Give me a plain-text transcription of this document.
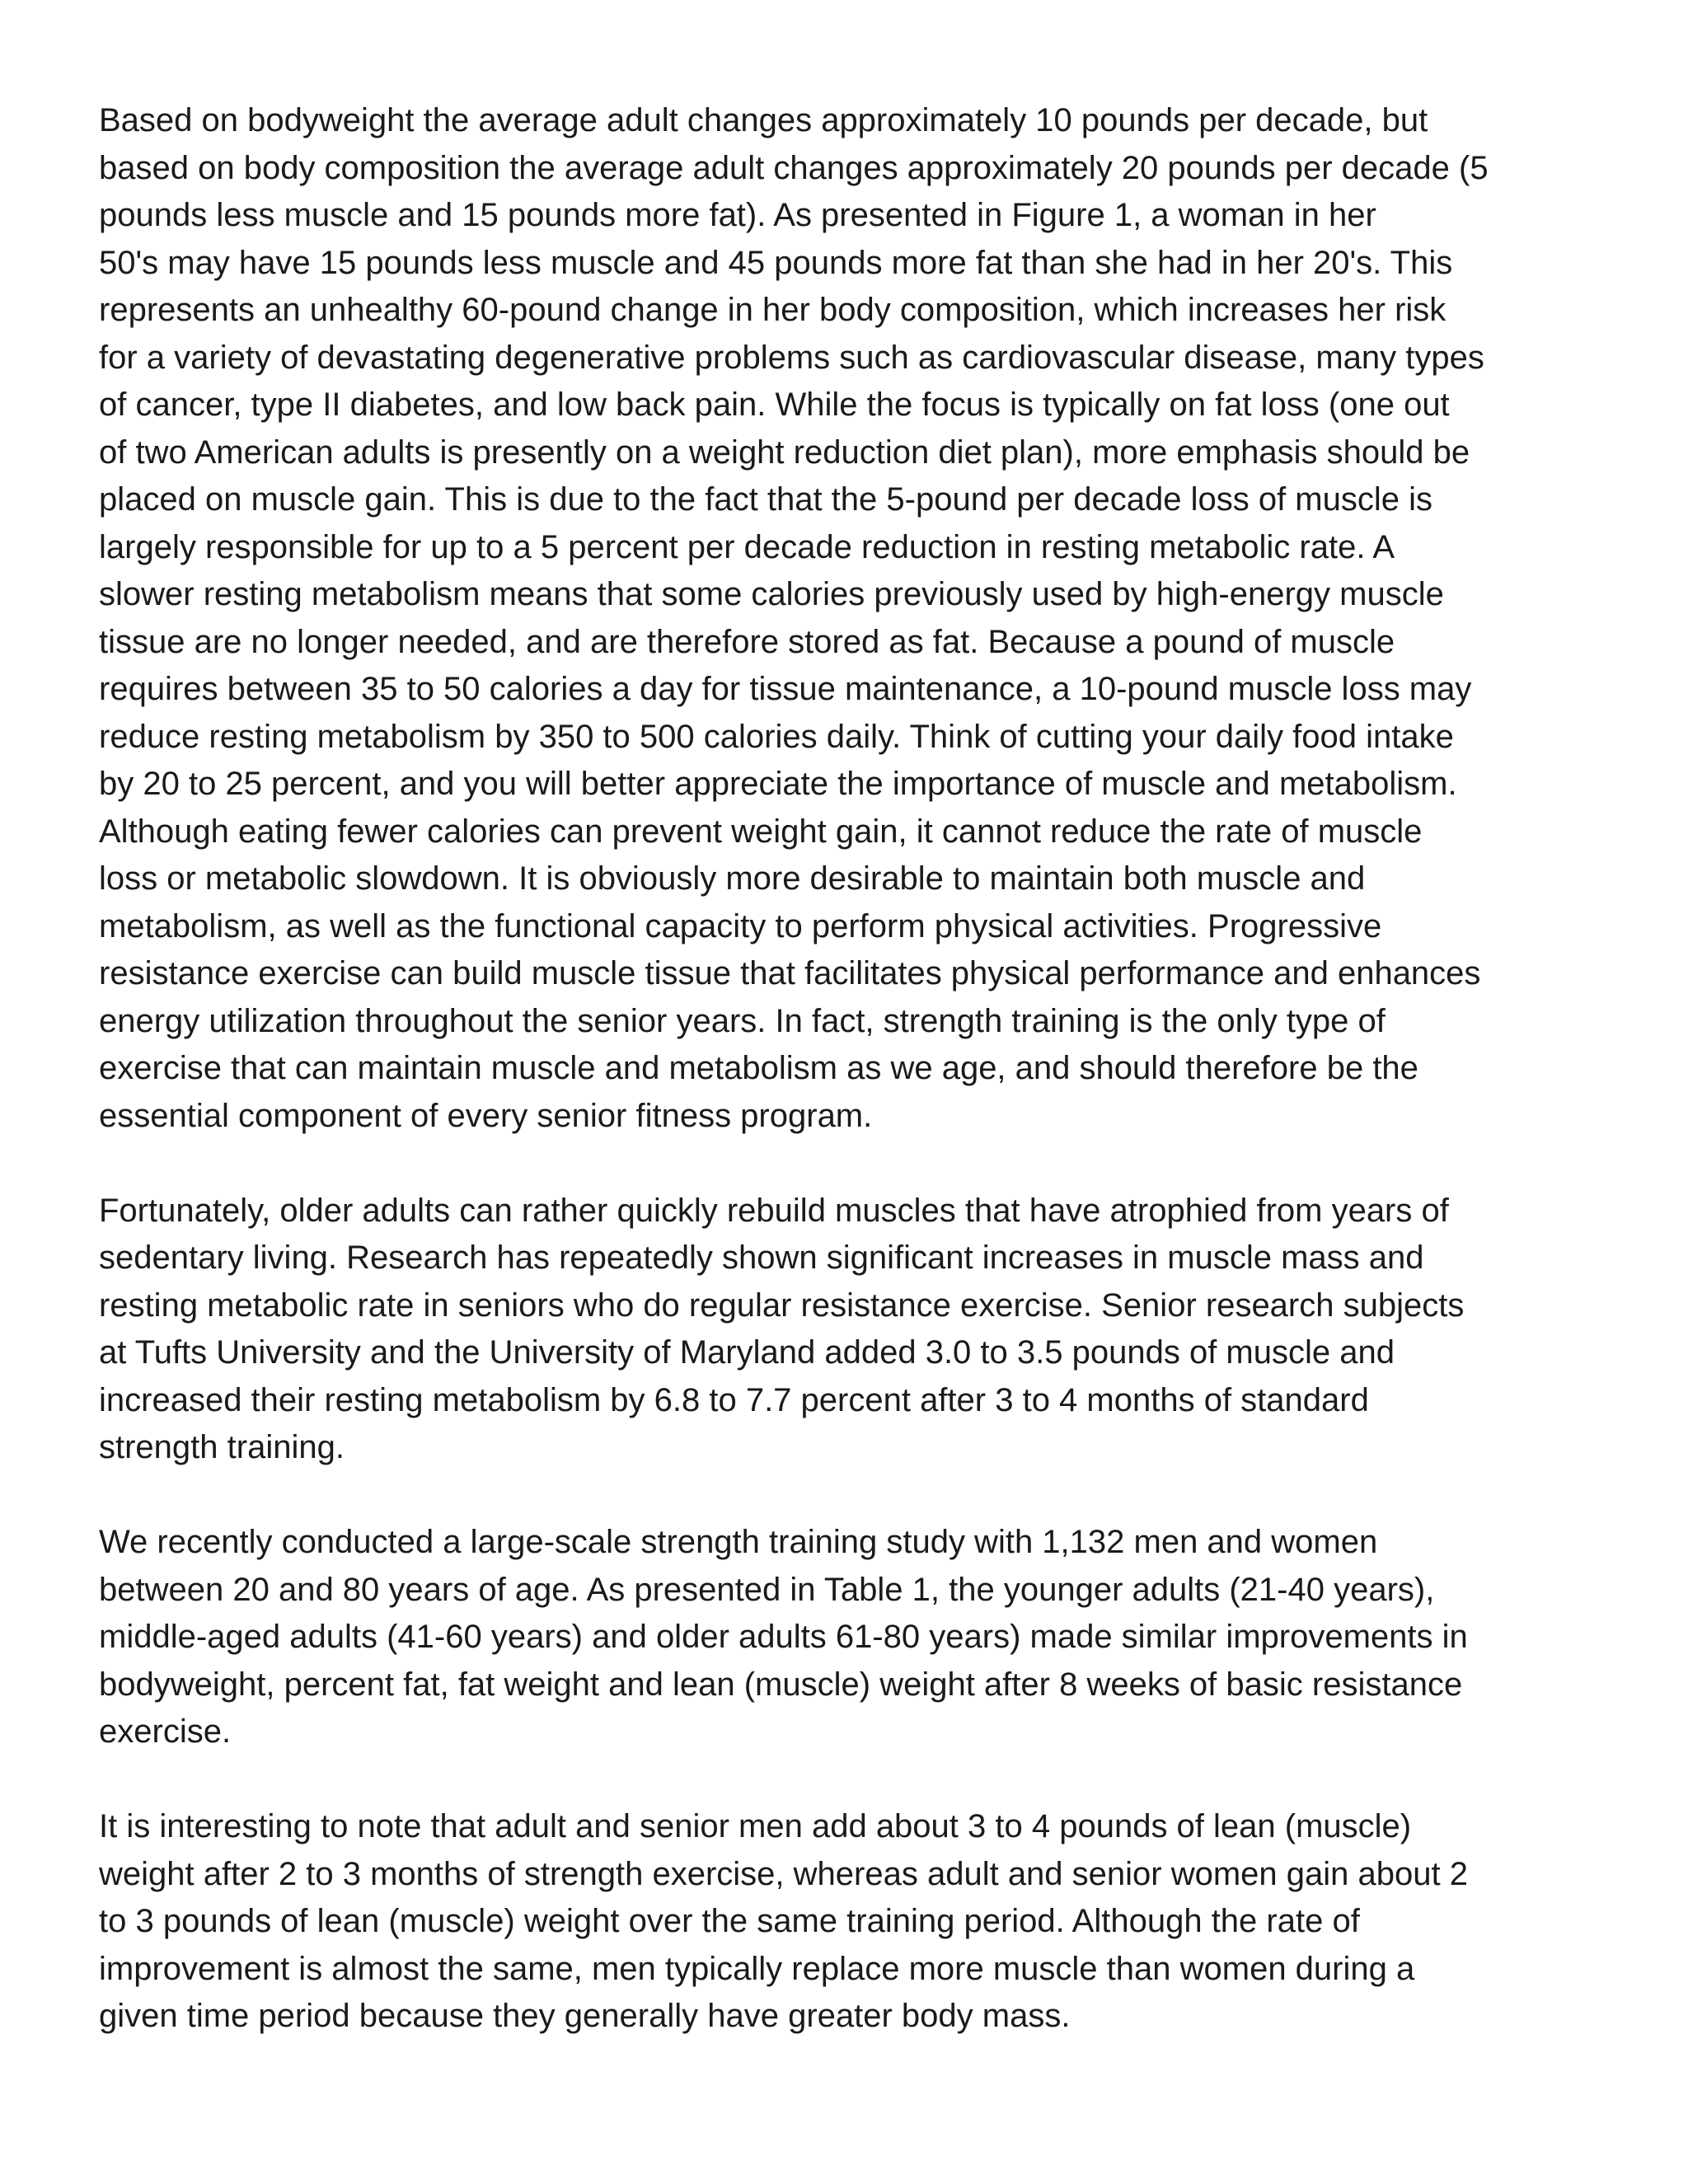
Based on bodyweight the average adult changes approximately 10 pounds per decade, but
based on body composition the average adult changes approximately 20 pounds per decade (5
pounds less muscle and 15 pounds more fat). As presented in Figure 1, a woman in her
50's may have 15 pounds less muscle and 45 pounds more fat than she had in her 20's. This
represents an unhealthy 60-pound change in her body composition, which increases her risk
for a variety of devastating degenerative problems such as cardiovascular disease, many types
of cancer, type II diabetes, and low back pain. While the focus is typically on fat loss (one out
of two American adults is presently on a weight reduction diet plan), more emphasis should be
placed on muscle gain. This is due to the fact that the 5-pound per decade loss of muscle is
largely responsible for up to a 5 percent per decade reduction in resting metabolic rate. A
slower resting metabolism means that some calories previously used by high-energy muscle
tissue are no longer needed, and are therefore stored as fat. Because a pound of muscle
requires between 35 to 50 calories a day for tissue maintenance, a 10-pound muscle loss may
reduce resting metabolism by 350 to 500 calories daily. Think of cutting your daily food intake
by 20 to 25 percent, and you will better appreciate the importance of muscle and metabolism.
Although eating fewer calories can prevent weight gain, it cannot reduce the rate of muscle
loss or metabolic slowdown. It is obviously more desirable to maintain both muscle and
metabolism, as well as the functional capacity to perform physical activities. Progressive
resistance exercise can build muscle tissue that facilitates physical performance and enhances
energy utilization throughout the senior years. In fact, strength training is the only type of
exercise that can maintain muscle and metabolism as we age, and should therefore be the
essential component of every senior fitness program.

Fortunately, older adults can rather quickly rebuild muscles that have atrophied from years of
sedentary living. Research has repeatedly shown significant increases in muscle mass and
resting metabolic rate in seniors who do regular resistance exercise. Senior research subjects
at Tufts University and the University of Maryland added 3.0 to 3.5 pounds of muscle and
increased their resting metabolism by 6.8 to 7.7 percent after 3 to 4 months of standard
strength training.

We recently conducted a large-scale strength training study with 1,132 men and women
between 20 and 80 years of age. As presented in Table 1, the younger adults (21-40 years),
middle-aged adults (41-60 years) and older adults 61-80 years) made similar improvements in
bodyweight, percent fat, fat weight and lean (muscle) weight after 8 weeks of basic resistance
exercise.

It is interesting to note that adult and senior men add about 3 to 4 pounds of lean (muscle)
weight after 2 to 3 months of strength exercise, whereas adult and senior women gain about 2
to 3 pounds of lean (muscle) weight over the same training period. Although the rate of
improvement is almost the same, men typically replace more muscle than women during a
given time period because they generally have greater body mass.
